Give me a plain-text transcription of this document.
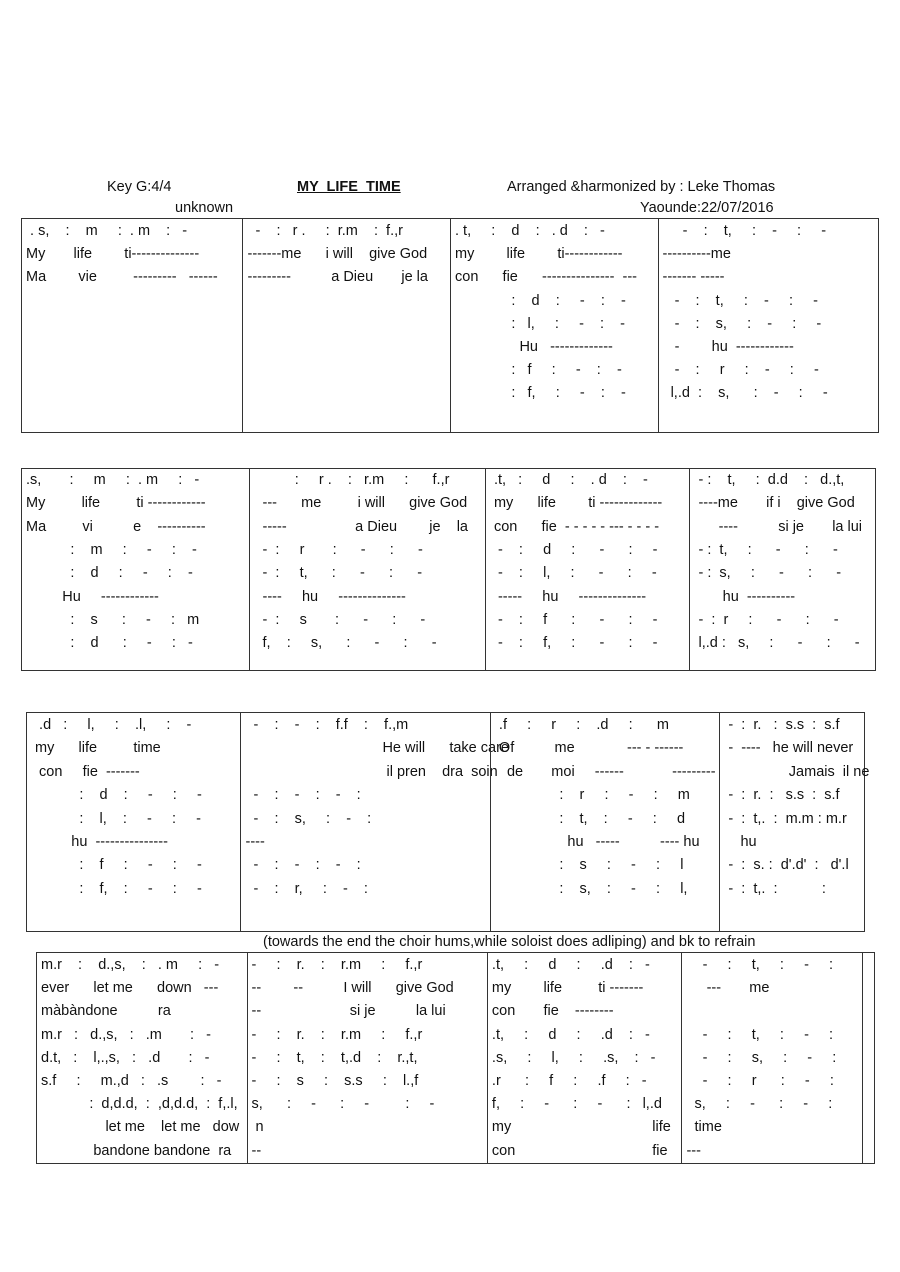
Key G:4/4
unknown
MY  LIFE  TIME	Arranged &harmonized by : Leke Thomas
Yaounde:22/07/2016
. s,    :    m     :  . m    :   -
My       life        ti--------------
Ma        vie         ---------   ------
-    :   r .     :  r.m    :  f.,r
-------me      i will    give God
---------          a Dieu       je la
. t,     :    d    :   . d    :   -
my        life        ti------------
con      fie      ---------------  ---
:    d    :     -    :    -
:   l,     :     -    :    -
Hu   -------------
:   f     :     -    :    -
:   f,     :     -    :    -
-    :    t,     :    -     :     -
----------me
------- -----
-    :    t,     :    -     :     -
-    :    s,     :    -     :     -
-        hu  ------------
-    :     r     :    -     :     -
l,.d  :    s,      :    -     :     -
.s,       :     m     :  . m     :   -
My         life         ti ------------
Ma         vi          e    ----------
:    m     :     -     :    -
:    d     :     -     :    -
Hu     ------------
:    s      :     -     :   m
:    d      :     -     :   -
:     r .    :   r.m     :      f.,r
---      me         i will      give God
-----                 a Dieu        je    la
-  :     r       :      -      :      -
-  :     t,      :      -      :      -
----     hu     --------------
-  :     s       :      -      :      -
f,    :     s,      :      -      :      -
.t,   :     d     :    . d    :    -
my      life        ti -------------
con      fie  - - - - - --- - - - -
-    :     d     :      -      :     -
-    :     l,     :      -      :     -
-----     hu     --------------
-    :     f      :      -      :     -
-    :     f,     :      -      :     -
- :    t,     :  d.d    :   d.,t,
----me       if i    give God
----          si je       la lui
- :  t,     :      -      :      -
- :  s,     :      -      :      -
hu  ----------
-  :  r     :      -      :      -
l,.d :   s,     :      -      :      -
.d   :     l,     :    .l,     :    -
my      life         time
con     fie  -------
:    d    :     -     :     -
:    l,    :     -     :     -
hu  ---------------
:    f     :     -     :     -
:    f,    :     -     :     -
-    :    -    :    f.f    :    f.,m
He will      take care
il pren    dra  soin
-    :    -    :    -    :
-    :    s,     :    -    :
----
-    :    -    :    -    :
-    :    r,     :    -    :
.f     :     r     :    .d     :      m
Of          me             --- - ------
de       moi     ------            ---------
:    r     :     -     :     m
:    t,    :     -     :     d
hu   -----          ---- hu
:    s     :     -     :     l
:    s,    :     -     :     l,
-  :  r.   :  s.s  :  s.f
-  ----   he will never
Jamais  il ne
-  :  r.  :   s.s  :  s.f
-  :  t,.  :  m.m : m.r
hu
-  :  s. :  d'.d'  :   d'.l
-  :  t,.  :           :
(towards the end the choir hums,while soloist does adliping) and bk to refrain
m.r    :    d.,s,    :   . m     :   -
ever      let me      down   ---
màbàndone          ra
m.r   :   d.,s,   :   .m       :   -
d.t,   :    l,.,s,   :   .d       :   -
s.f     :     m.,d   :   .s        :   -
:  d,d.d,  :  ,d,d.d,  :  f,.l,
let me    let me   dow
bandone bandone  ra
-     :    r.    :    r.m     :     f.,r
--        --          I will      give God
--                      si je          la lui
-     :    r.    :    r.m     :     f.,r
-     :    t,    :    t,.d    :    r.,t,
-     :    s     :    s.s     :    l.,f
s,      :     -      :     -         :     -
n
--
.t,     :     d     :     .d    :   -
my        life         ti -------
con       fie    --------
.t,     :     d     :     .d    :   -
.s,     :     l,     :     .s,    :   -
.r      :     f     :     .f     :   -
f,     :     -      :     -      :   l,.d
my                                   life
con                                  fie
-     :     t,     :     -     :
---       me
-     :     t,     :     -     :
-     :     s,     :     -     :
-     :     r      :     -     :
s,     :     -      :     -     :
time
---
